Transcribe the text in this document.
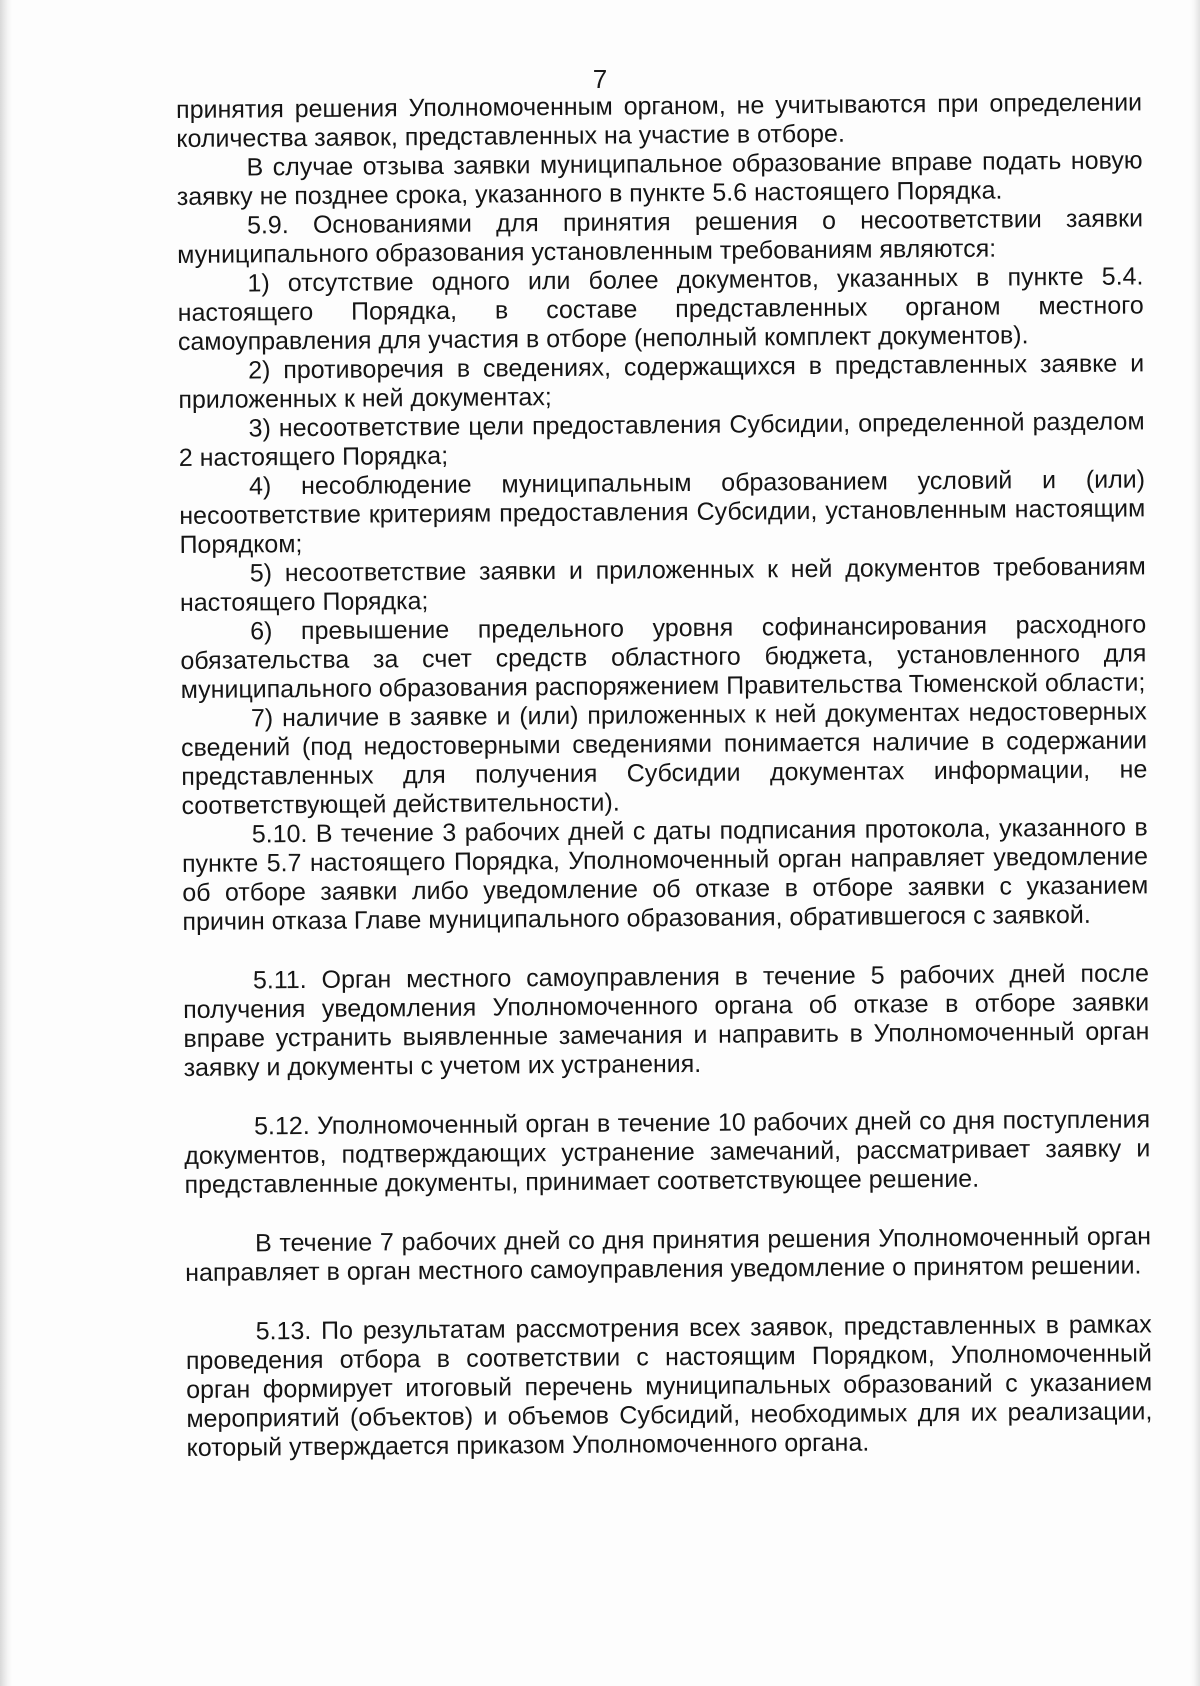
7

принятия решения Уполномоченным органом, не учитываются при определении количества заявок, представленных на участие в отборе.

В случае отзыва заявки муниципальное образование вправе подать новую заявку не позднее срока, указанного в пункте 5.6 настоящего Порядка.

5.9. Основаниями для принятия решения о несоответствии заявки муниципального образования установленным требованиям являются:

1) отсутствие одного или более документов, указанных в пункте 5.4. настоящего Порядка, в составе представленных органом местного самоуправления для участия в отборе (неполный комплект документов).

2) противоречия в сведениях, содержащихся в представленных заявке и приложенных к ней документах;

3) несоответствие цели предоставления Субсидии, определенной разделом 2 настоящего Порядка;

4) несоблюдение муниципальным образованием условий и (или) несоответствие критериям предоставления Субсидии, установленным настоящим Порядком;

5) несоответствие заявки и приложенных к ней документов требованиям настоящего Порядка;

6) превышение предельного уровня софинансирования расходного обязательства за счет средств областного бюджета, установленного для муниципального образования распоряжением Правительства Тюменской области;

7) наличие в заявке и (или) приложенных к ней документах недостоверных сведений (под недостоверными сведениями понимается наличие в содержании представленных для получения Субсидии документах информации, не соответствующей действительности).

5.10. В течение 3 рабочих дней с даты подписания протокола, указанного в пункте 5.7 настоящего Порядка, Уполномоченный орган направляет уведомление об отборе заявки либо уведомление об отказе в отборе заявки с указанием причин отказа Главе муниципального образования, обратившегося с заявкой.

5.11. Орган местного самоуправления в течение 5 рабочих дней после получения уведомления Уполномоченного органа об отказе в отборе заявки вправе устранить выявленные замечания и направить в Уполномоченный орган заявку и документы с учетом их устранения.

5.12. Уполномоченный орган в течение 10 рабочих дней со дня поступления документов, подтверждающих устранение замечаний, рассматривает заявку и представленные документы, принимает соответствующее решение.

В течение 7 рабочих дней со дня принятия решения Уполномоченный орган направляет в орган местного самоуправления уведомление о принятом решении.

5.13. По результатам рассмотрения всех заявок, представленных в рамках проведения отбора в соответствии с настоящим Порядком, Уполномоченный орган формирует итоговый перечень муниципальных образований с указанием мероприятий (объектов) и объемов Субсидий, необходимых для их реализации, который утверждается приказом Уполномоченного органа.
